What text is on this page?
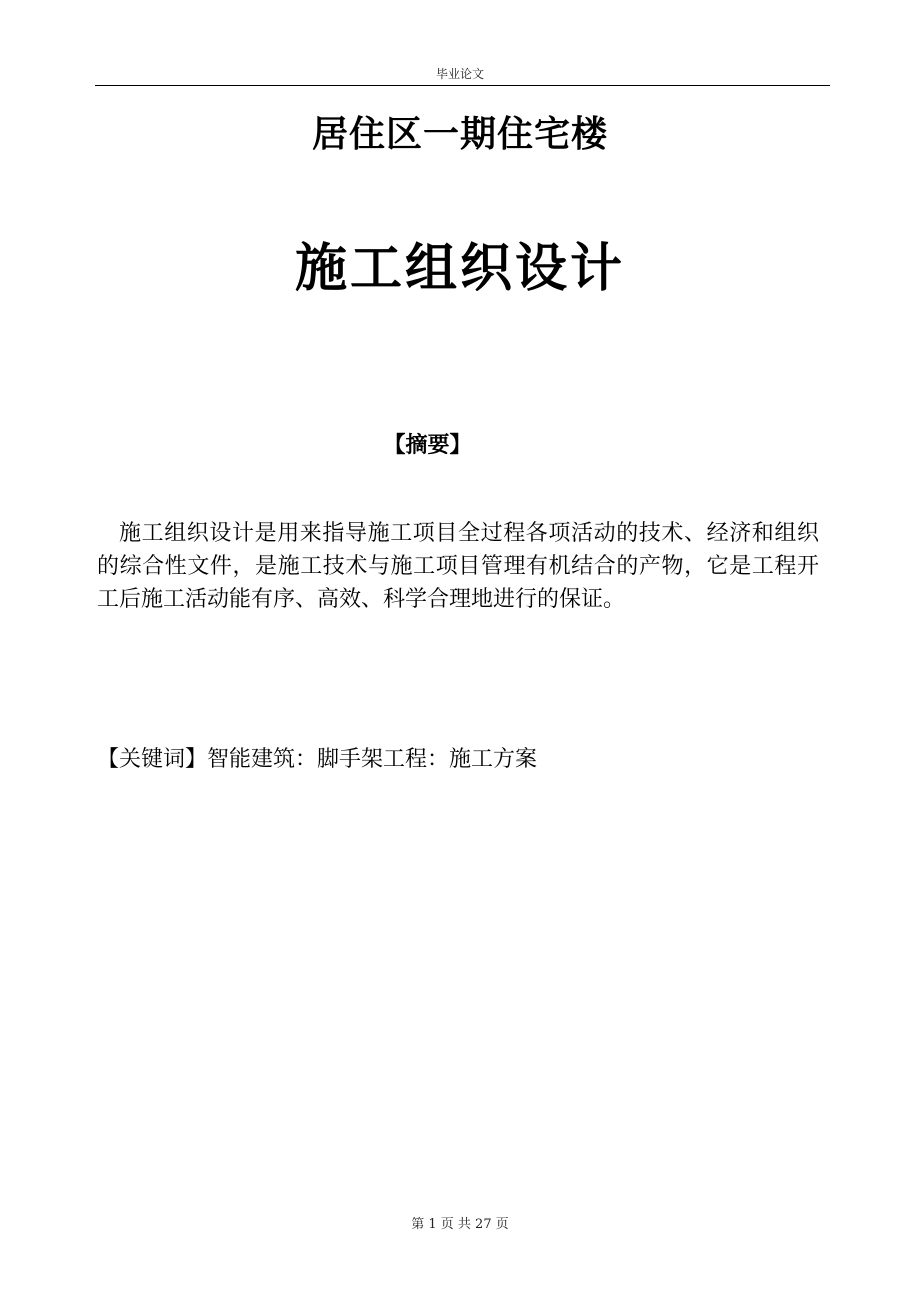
毕业论文
居住区一期住宅楼
施工组织设计
【摘要】

施工组织设计是用来指导施工项目全过程各项活动的技术、经济和组织的综合性文件，是施工技术与施工项目管理有机结合的产物，它是工程开工后施工活动能有序、高效、科学合理地进行的保证。

【关键词】智能建筑：脚手架工程：施工方案
第 1 页 共 27 页
